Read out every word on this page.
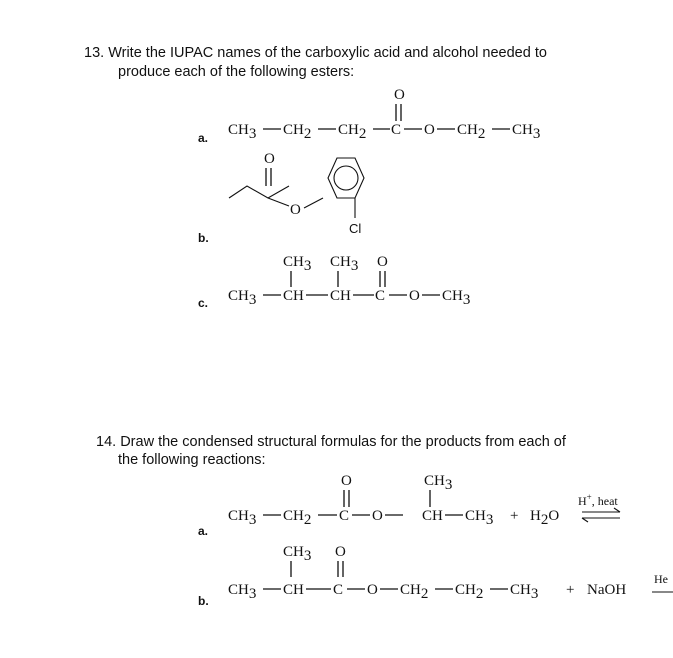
13. Write the IUPAC names of the carboxylic acid and alcohol needed to

produce each of the following esters:

a.
b.
c.

14. Draw the condensed structural formulas for the products from each of

the following reactions:

a.
b.
O
CH3 CH2 CH2 C O CH2 CH3
O
O
Cl
CH3 CH3 O
CH3 CH CH C O CH3
O	CH3
CH3 CH2 C O	CH CH3 + H2O
H+, heat
CH3 O
CH3 CH C O CH2 CH2 CH3 + NaOH
He
